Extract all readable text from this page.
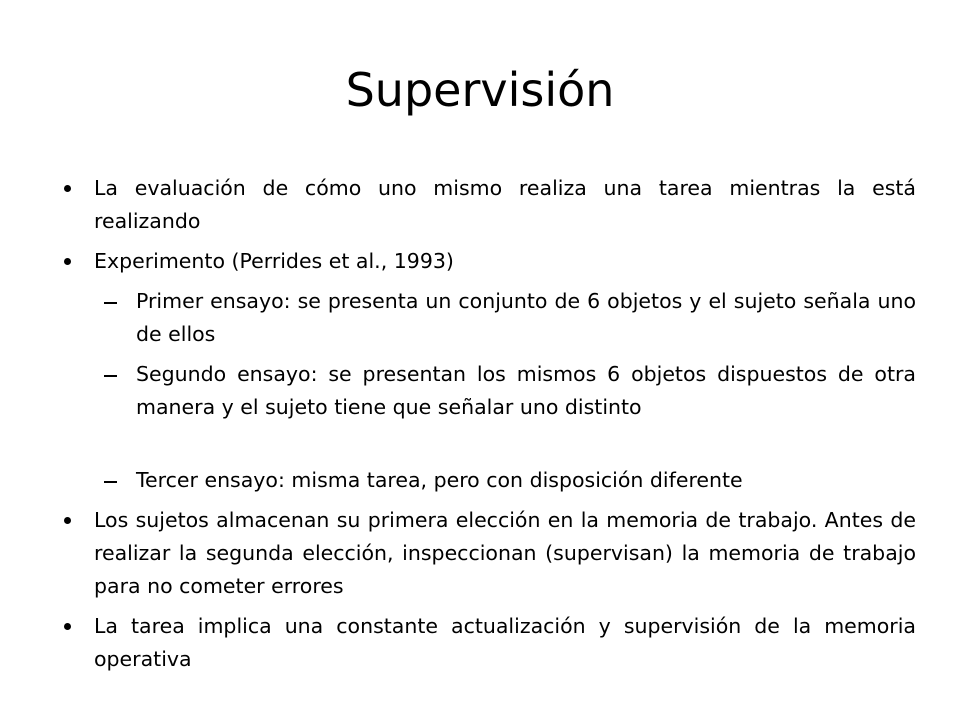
Supervisión
La evaluación de cómo uno mismo realiza una tarea mientras la está realizando
Experimento (Perrides et al., 1993)
Primer ensayo: se presenta un conjunto de 6 objetos y el sujeto señala uno de ellos
Segundo ensayo: se presentan los mismos 6 objetos dispuestos de otra manera y el sujeto tiene que señalar uno distinto
Tercer ensayo: misma tarea, pero con disposición diferente
Los sujetos almacenan su primera elección en la memoria de trabajo. Antes de realizar la segunda elección, inspeccionan (supervisan) la memoria de trabajo para no cometer errores
La tarea implica una constante actualización y supervisión de la memoria operativa
